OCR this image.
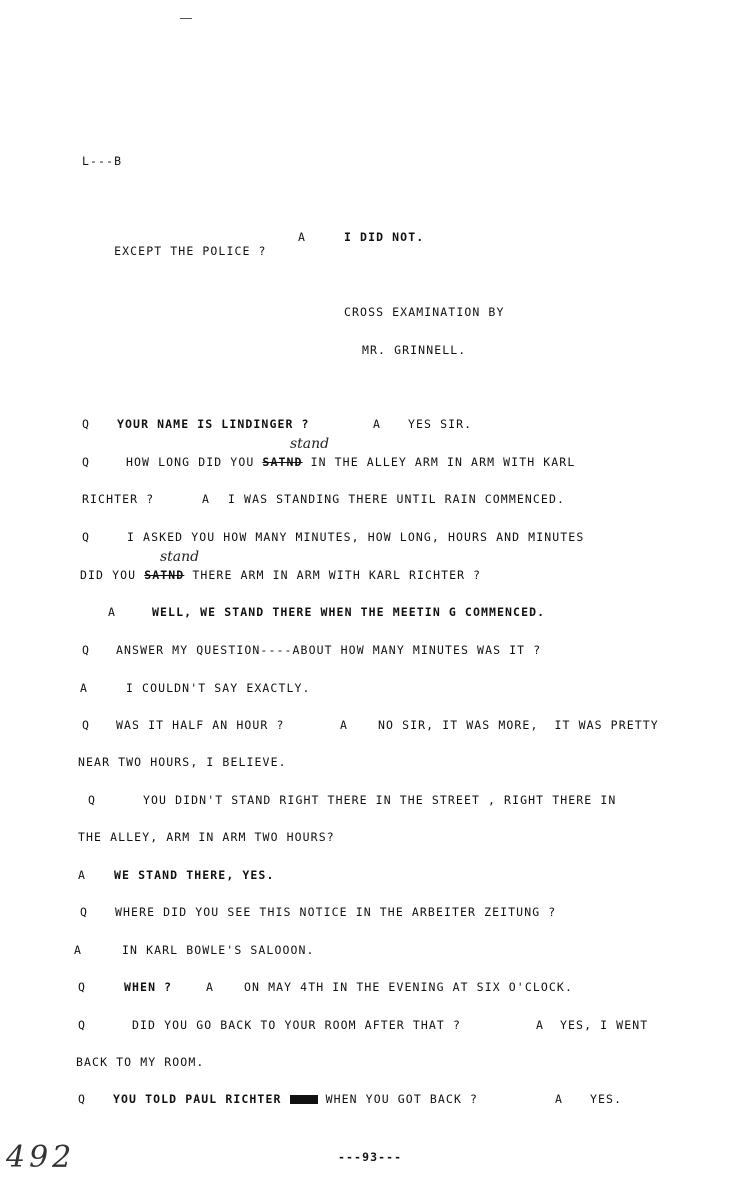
L---B

EXCEPT THE POLICE ?

A	I DID NOT.
CROSS EXAMINATION BY
MR. GRINNELL.
Q YOUR NAME IS LINDINGER ?	A YES SIR.
Q	HOW LONG DID YOU SATND IN THE ALLEY ARM IN ARM WITH KARL
stand
RICHTER ?	A I WAS STANDING THERE UNTIL RAIN COMMENCED.
Q	I ASKED YOU HOW MANY MINUTES, HOW LONG, HOURS AND MINUTES
DID YOU SATND THERE ARM IN ARM WITH KARL RICHTER ?
stand
A	WELL, WE STAND THERE WHEN THE MEETIN G COMMENCED.
Q ANSWER MY QUESTION----ABOUT HOW MANY MINUTES WAS IT ?
A	I COULDN'T SAY EXACTLY.
Q WAS IT HALF AN HOUR ?	A	NO SIR, IT WAS MORE,  IT WAS PRETTY
NEAR TWO HOURS, I BELIEVE.
Q	YOU DIDN'T STAND RIGHT THERE IN THE STREET , RIGHT THERE IN
THE ALLEY, ARM IN ARM TWO HOURS?
A WE STAND THERE, YES.
Q WHERE DID YOU SEE THIS NOTICE IN THE ARBEITER ZEITUNG ?
A	IN KARL BOWLE'S SALOOON.
Q	WHEN ?	A	ON MAY 4TH IN THE EVENING AT SIX O'CLOCK.
Q	DID YOU GO BACK TO YOUR ROOM AFTER THAT ?	A YES, I WENT
BACK TO MY ROOM.
Q YOU TOLD PAUL RICHTER	WHEN YOU GOT BACK ?	A YES.
492	---93---
